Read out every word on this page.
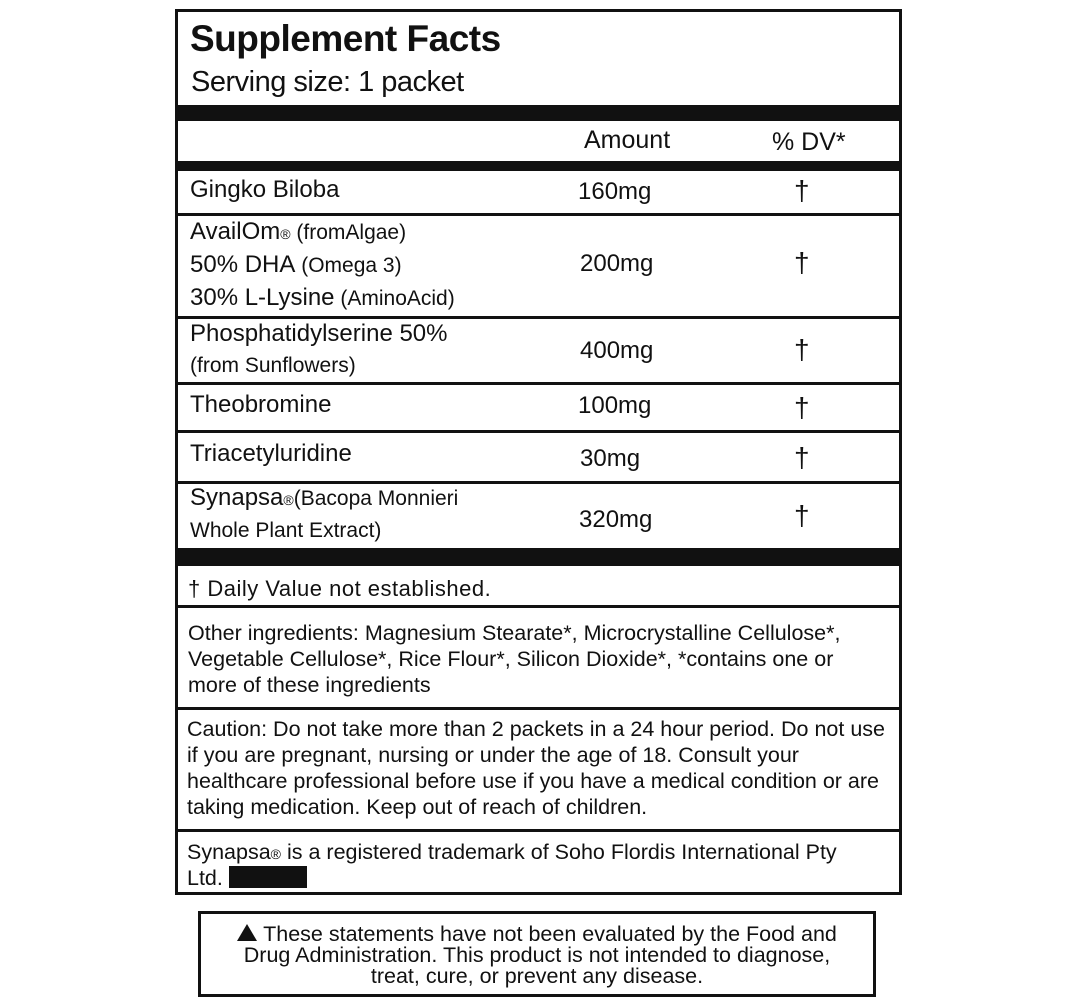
Supplement Facts
Serving size: 1 packet
Amount	% DV*
Gingko Biloba	160mg	†
AvailOm® (fromAlgae)
50% DHA (Omega 3)
30% L-Lysine (AminoAcid)
200mg	†
Phosphatidylserine 50%
(from Sunflowers)
400mg	†
Theobromine	100mg	†
Triacetyluridine	30mg	†
Synapsa®(Bacopa Monnieri
Whole Plant Extract)	320mg	†
† Daily Value not established.
Other ingredients: Magnesium Stearate*, Microcrystalline Cellulose*, Vegetable Cellulose*, Rice Flour*, Silicon Dioxide*, *contains one or more of these ingredients
Caution: Do not take more than 2 packets in a 24 hour period. Do not use if you are pregnant, nursing or under the age of 18. Consult your healthcare professional before use if you have a medical condition or are taking medication. Keep out of reach of children.
Synapsa® is a registered trademark of Soho Flordis International Pty Ltd.
These statements have not been evaluated by the Food and
Drug Administration. This product is not intended to diagnose,
treat, cure, or prevent any disease.
